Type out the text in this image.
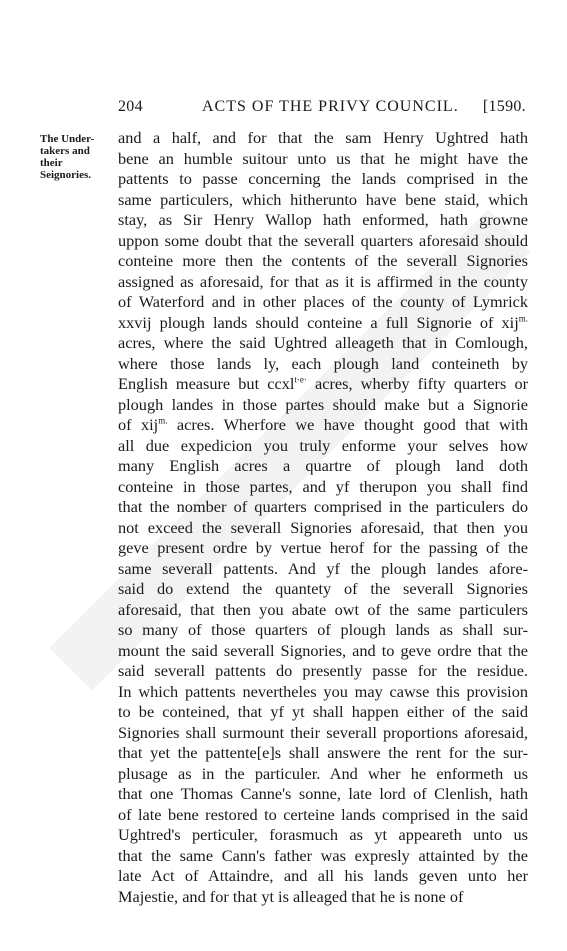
204	ACTS OF THE PRIVY COUNCIL. [1590.
The Under-
takers and
their
Seignories.
and a half, and for that the sam Henry Ughtred hath
bene an humble suitour unto us that he might have the
pattents to passe concerning the lands comprised in the
same particulers, which hitherunto have bene staid, which
stay, as Sir Henry Wallop hath enformed, hath growne
uppon some doubt that the severall quarters aforesaid should
conteine more then the contents of the severall Signories
assigned as aforesaid, for that as it is affirmed in the county
of Waterford and in other places of the county of Lymrick
xxvij plough lands should conteine a full Signorie of xij$^{m.}$
acres, where the said Ughtred alleageth that in Comlough,
where those lands ly, each plough land conteineth by
English measure but ccxl$^{t\cdot e\cdot}$ acres, wherby fifty quarters or
plough landes in those partes should make but a Signorie
of xij$^{m.}$ acres. Wherfore we have thought good that with
all due expedicion you truly enforme your selves how
many English acres a quartre of plough land doth
conteine in those partes, and yf therupon you shall find
that the nomber of quarters comprised in the particulers do
not exceed the severall Signories aforesaid, that then you
geve present ordre by vertue herof for the passing of the
same severall pattents. And yf the plough landes afore-
said do extend the quantety of the severall Signories
aforesaid, that then you abate owt of the same particulers
so many of those quarters of plough lands as shall sur-
mount the said severall Signories, and to geve ordre that the
said severall pattents do presently passe for the residue.
In which pattents nevertheles you may cawse this provision
to be conteined, that yf yt shall happen either of the said
Signories shall surmount their severall proportions aforesaid,
that yet the pattente[e]s shall answere the rent for the sur-
plusage as in the particuler. And wher he enformeth us
that one Thomas Canne's sonne, late lord of Clenlish, hath
of late bene restored to certeine lands comprised in the said
Ughtred's perticuler, forasmuch as yt appeareth unto us
that the same Cann's father was expresly attainted by the
late Act of Attaindre, and all his lands geven unto her
Majestie, and for that yt is alleaged that he is none of
